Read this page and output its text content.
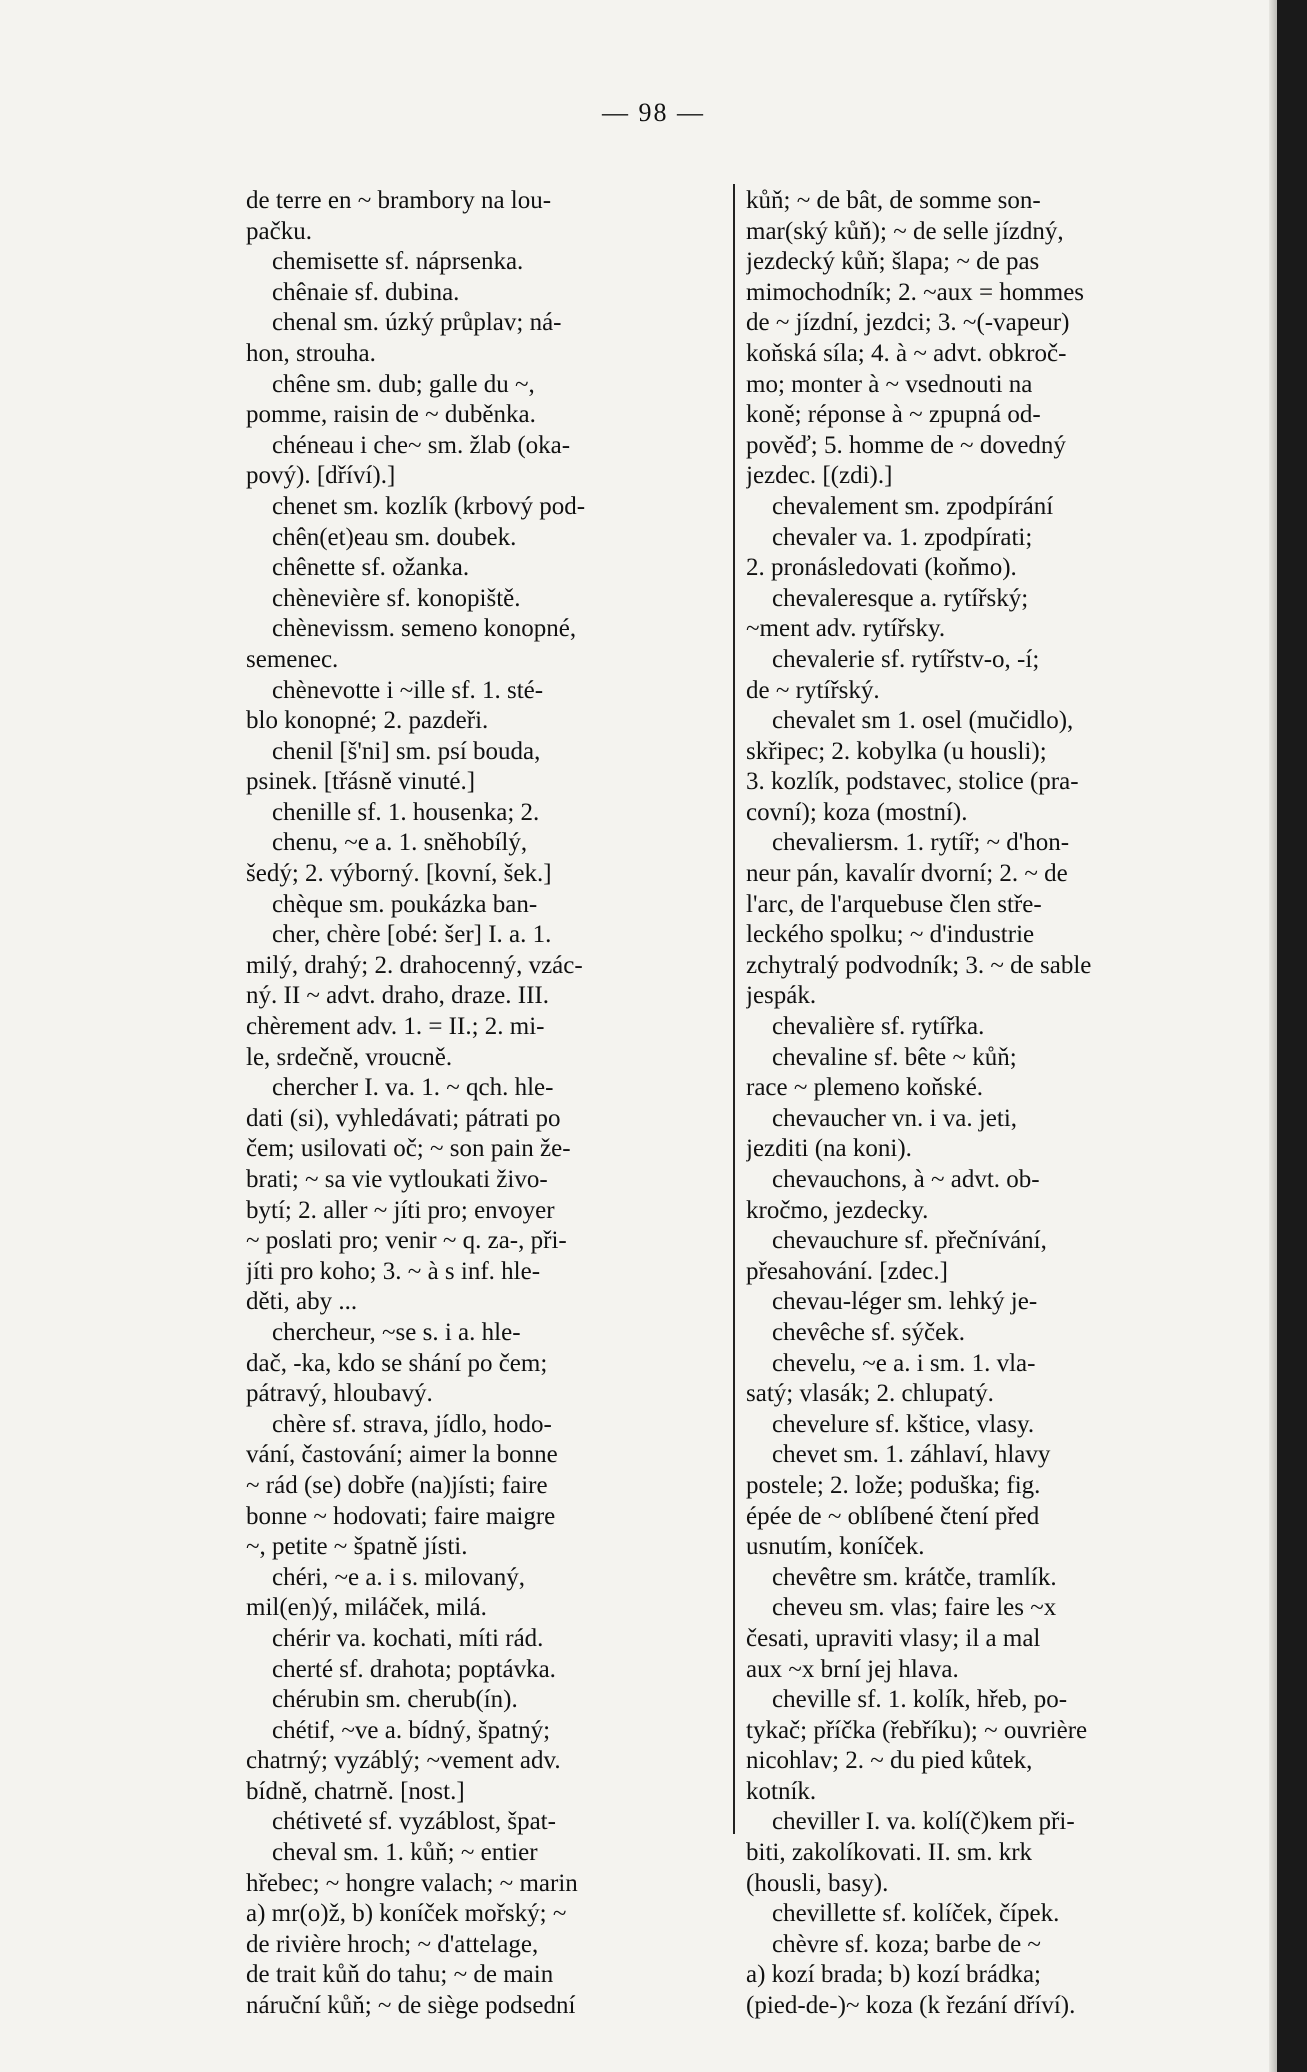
— 98 —
de terre en ~ brambory na lou-
pačku.
chemisette sf. náprsenka.
chênaie sf. dubina.
chenal sm. úzký průplav; ná-
hon, strouha.
chêne sm. dub; galle du ~,
pomme, raisin de ~ duběnka.
chéneau i che~ sm. žlab (oka-
pový). [dříví).]
chenet sm. kozlík (krbový pod-
chên(et)eau sm. doubek.
chênette sf. ožanka.
chènevière sf. konopiště.
chènevissm. semeno konopné,
semenec.
chènevotte i ~ille sf. 1. sté-
blo konopné; 2. pazdeři.
chenil [š'ni] sm. psí bouda,
psinek. [třásně vinuté.]
chenille sf. 1. housenka; 2.
chenu, ~e a. 1. sněhobílý,
šedý; 2. výborný. [kovní, šek.]
chèque sm. poukázka ban-
cher, chère [obé: šer] I. a. 1.
milý, drahý; 2. drahocenný, vzác-
ný. II ~ advt. draho, draze. III.
chèrement adv. 1. = II.; 2. mi-
le, srdečně, vroucně.
chercher I. va. 1. ~ qch. hle-
dati (si), vyhledávati; pátrati po
čem; usilovati oč; ~ son pain že-
brati; ~ sa vie vytloukati živo-
bytí; 2. aller ~ jíti pro; envoyer
~ poslati pro; venir ~ q. za-, při-
jíti pro koho; 3. ~ à s inf. hle-
děti, aby ...
chercheur, ~se s. i a. hle-
dač, -ka, kdo se shání po čem;
pátravý, hloubavý.
chère sf. strava, jídlo, hodo-
vání, častování; aimer la bonne
~ rád (se) dobře (na)jísti; faire
bonne ~ hodovati; faire maigre
~, petite ~ špatně jísti.
chéri, ~e a. i s. milovaný,
mil(en)ý, miláček, milá.
chérir va. kochati, míti rád.
cherté sf. drahota; poptávka.
chérubin sm. cherub(ín).
chétif, ~ve a. bídný, špatný;
chatrný; vyzáblý; ~vement adv.
bídně, chatrně. [nost.]
chétiveté sf. vyzáblost, špat-
cheval sm. 1. kůň; ~ entier
hřebec; ~ hongre valach; ~ marin
a) mr(o)ž, b) koníček mořský; ~
de rivière hroch; ~ d'attelage,
de trait kůň do tahu; ~ de main
náruční kůň; ~ de siège podsední
kůň; ~ de bât, de somme son-
mar(ský kůň); ~ de selle jízdný,
jezdecký kůň; šlapa; ~ de pas
mimochodník; 2. ~aux = hommes
de ~ jízdní, jezdci; 3. ~(-vapeur)
koňská síla; 4. à ~ advt. obkroč-
mo; monter à ~ vsednouti na
koně; réponse à ~ zpupná od-
pověď; 5. homme de ~ dovedný
jezdec. [(zdi).]
chevalement sm. zpodpírání
chevaler va. 1. zpodpírati;
2. pronásledovati (koňmo).
chevaleresque a. rytířský;
~ment adv. rytířsky.
chevalerie sf. rytířstv-o, -í;
de ~ rytířský.
chevalet sm 1. osel (mučidlo),
skřipec; 2. kobylka (u housli);
3. kozlík, podstavec, stolice (pra-
covní); koza (mostní).
chevaliersm. 1. rytíř; ~ d'hon-
neur pán, kavalír dvorní; 2. ~ de
l'arc, de l'arquebuse člen stře-
leckého spolku; ~ d'industrie
zchytralý podvodník; 3. ~ de sable
jespák.
chevalière sf. rytířka.
chevaline sf. bête ~ kůň;
race ~ plemeno koňské.
chevaucher vn. i va. jeti,
jezditi (na koni).
chevauchons, à ~ advt. ob-
kročmo, jezdecky.
chevauchure sf. přečnívání,
přesahování. [zdec.]
chevau-léger sm. lehký je-
chevêche sf. sýček.
chevelu, ~e a. i sm. 1. vla-
satý; vlasák; 2. chlupatý.
chevelure sf. kštice, vlasy.
chevet sm. 1. záhlaví, hlavy
postele; 2. lože; poduška; fig.
épée de ~ oblíbené čtení před
usnutím, koníček.
chevêtre sm. krátče, tramlík.
cheveu sm. vlas; faire les ~x
česati, upraviti vlasy; il a mal
aux ~x brní jej hlava.
cheville sf. 1. kolík, hřeb, po-
tykač; příčka (řebříku); ~ ouvrière
nicohlav; 2. ~ du pied kůtek,
kotník.
cheviller I. va. kolí(č)kem při-
biti, zakolíkovati. II. sm. krk
(housli, basy).
chevillette sf. kolíček, čípek.
chèvre sf. koza; barbe de ~
a) kozí brada; b) kozí brádka;
(pied-de-)~ koza (k řezání dříví).
